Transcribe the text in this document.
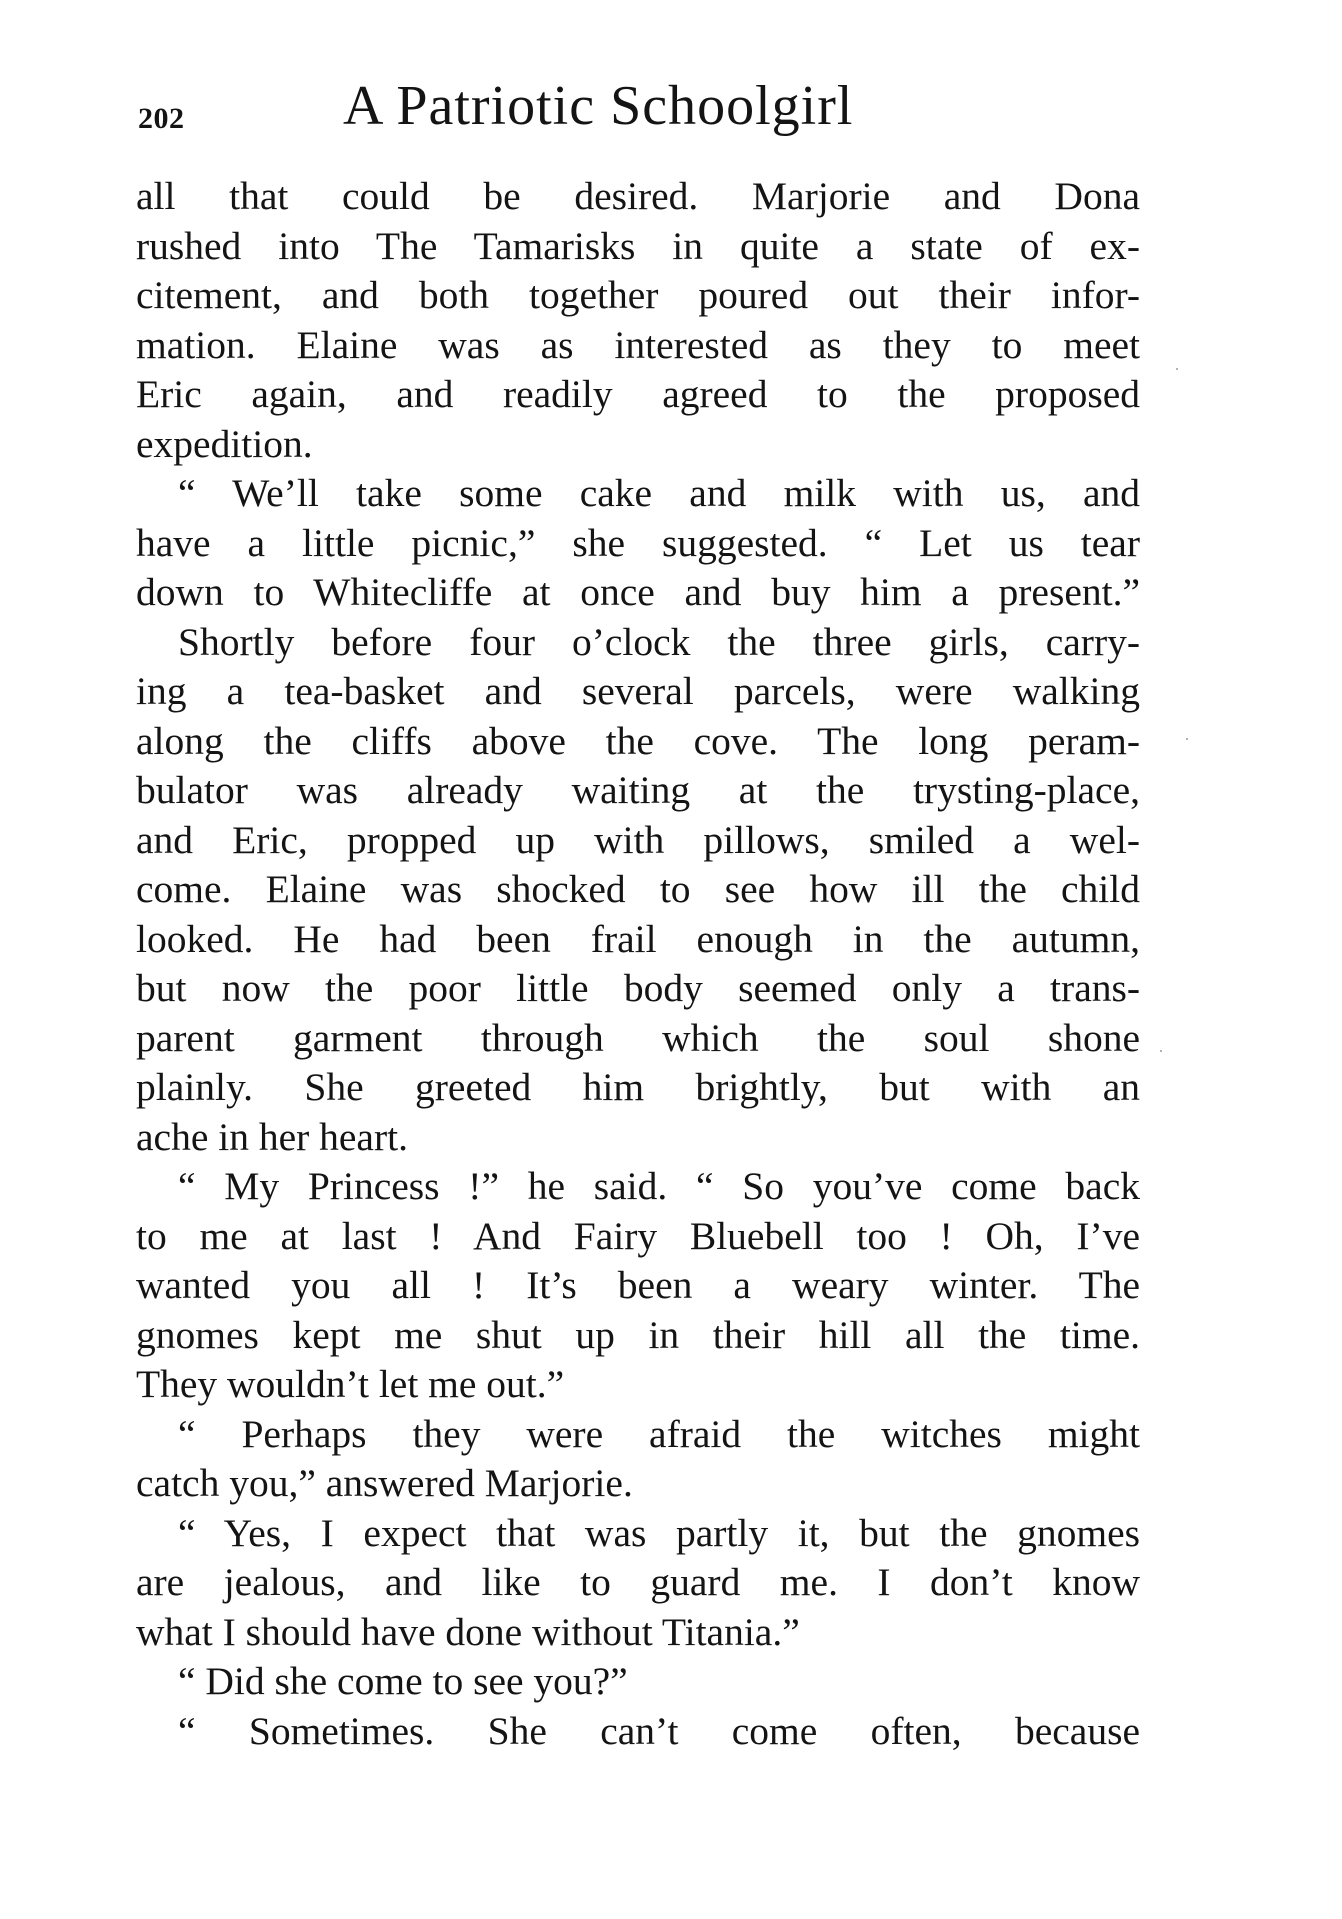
202	A Patriotic Schoolgirl
all that could be desired. Marjorie and Dona
rushed into The Tamarisks in quite a state of ex-
citement, and both together poured out their infor-
mation. Elaine was as interested as they to meet
Eric again, and readily agreed to the proposed
expedition.
“ We’ll take some cake and milk with us, and
have a little picnic,” she suggested. “ Let us tear
down to Whitecliffe at once and buy him a present.”
Shortly before four o’clock the three girls, carry-
ing a tea-basket and several parcels, were walking
along the cliffs above the cove. The long peram-
bulator was already waiting at the trysting-place,
and Eric, propped up with pillows, smiled a wel-
come. Elaine was shocked to see how ill the child
looked. He had been frail enough in the autumn,
but now the poor little body seemed only a trans-
parent garment through which the soul shone
plainly. She greeted him brightly, but with an
ache in her heart.
“ My Princess !” he said. “ So you’ve come back
to me at last ! And Fairy Bluebell too ! Oh, I’ve
wanted you all ! It’s been a weary winter. The
gnomes kept me shut up in their hill all the time.
They wouldn’t let me out.”
“ Perhaps they were afraid the witches might
catch you,” answered Marjorie.
“ Yes, I expect that was partly it, but the gnomes
are jealous, and like to guard me. I don’t know
what I should have done without Titania.”
“ Did she come to see you?”
“ Sometimes. She can’t come often, because
